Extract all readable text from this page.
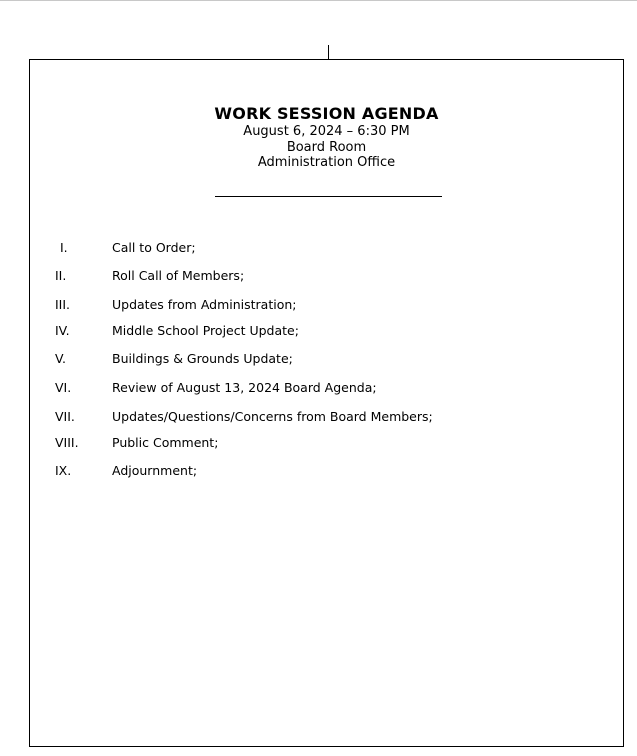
WORK SESSION AGENDA
August 6, 2024 – 6:30 PM
Board Room
Administration Office
I.	Call to Order;
II.	Roll Call of Members;
III.	Updates from Administration;
IV.	Middle School Project Update;
V.	Buildings & Grounds Update;
VI.	Review of August 13, 2024 Board Agenda;
VII.	Updates/Questions/Concerns from Board Members;
VIII.	Public Comment;
IX.	Adjournment;
